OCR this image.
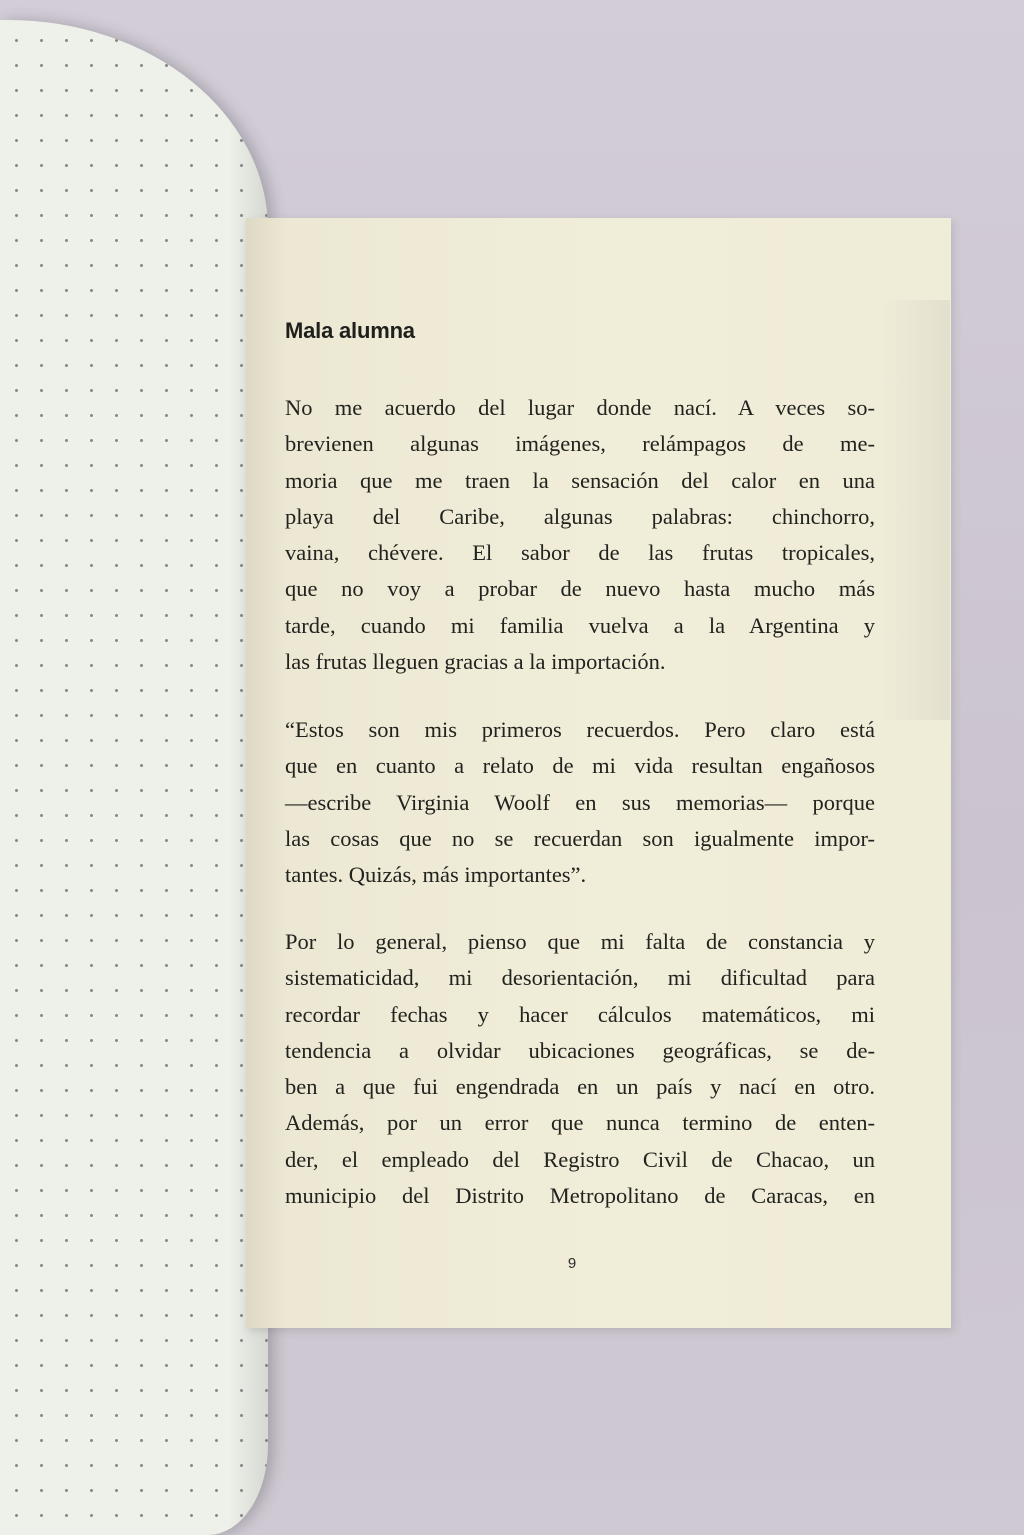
Mala alumna

No me acuerdo del lugar donde nací. A veces so-
brevienen algunas imágenes, relámpagos de me-
moria que me traen la sensación del calor en una
playa del Caribe, algunas palabras: chinchorro,
vaina, chévere. El sabor de las frutas tropicales,
que no voy a probar de nuevo hasta mucho más
tarde, cuando mi familia vuelva a la Argentina y
las frutas lleguen gracias a la importación.

“Estos son mis primeros recuerdos. Pero claro está
que en cuanto a relato de mi vida resultan engañosos
—escribe Virginia Woolf en sus memorias— porque
las cosas que no se recuerdan son igualmente impor-
tantes. Quizás, más importantes”.

Por lo general, pienso que mi falta de constancia y
sistematicidad, mi desorientación, mi dificultad para
recordar fechas y hacer cálculos matemáticos, mi
tendencia a olvidar ubicaciones geográficas, se de-
ben a que fui engendrada en un país y nací en otro.
Además, por un error que nunca termino de enten-
der, el empleado del Registro Civil de Chacao, un
municipio del Distrito Metropolitano de Caracas, en

9
